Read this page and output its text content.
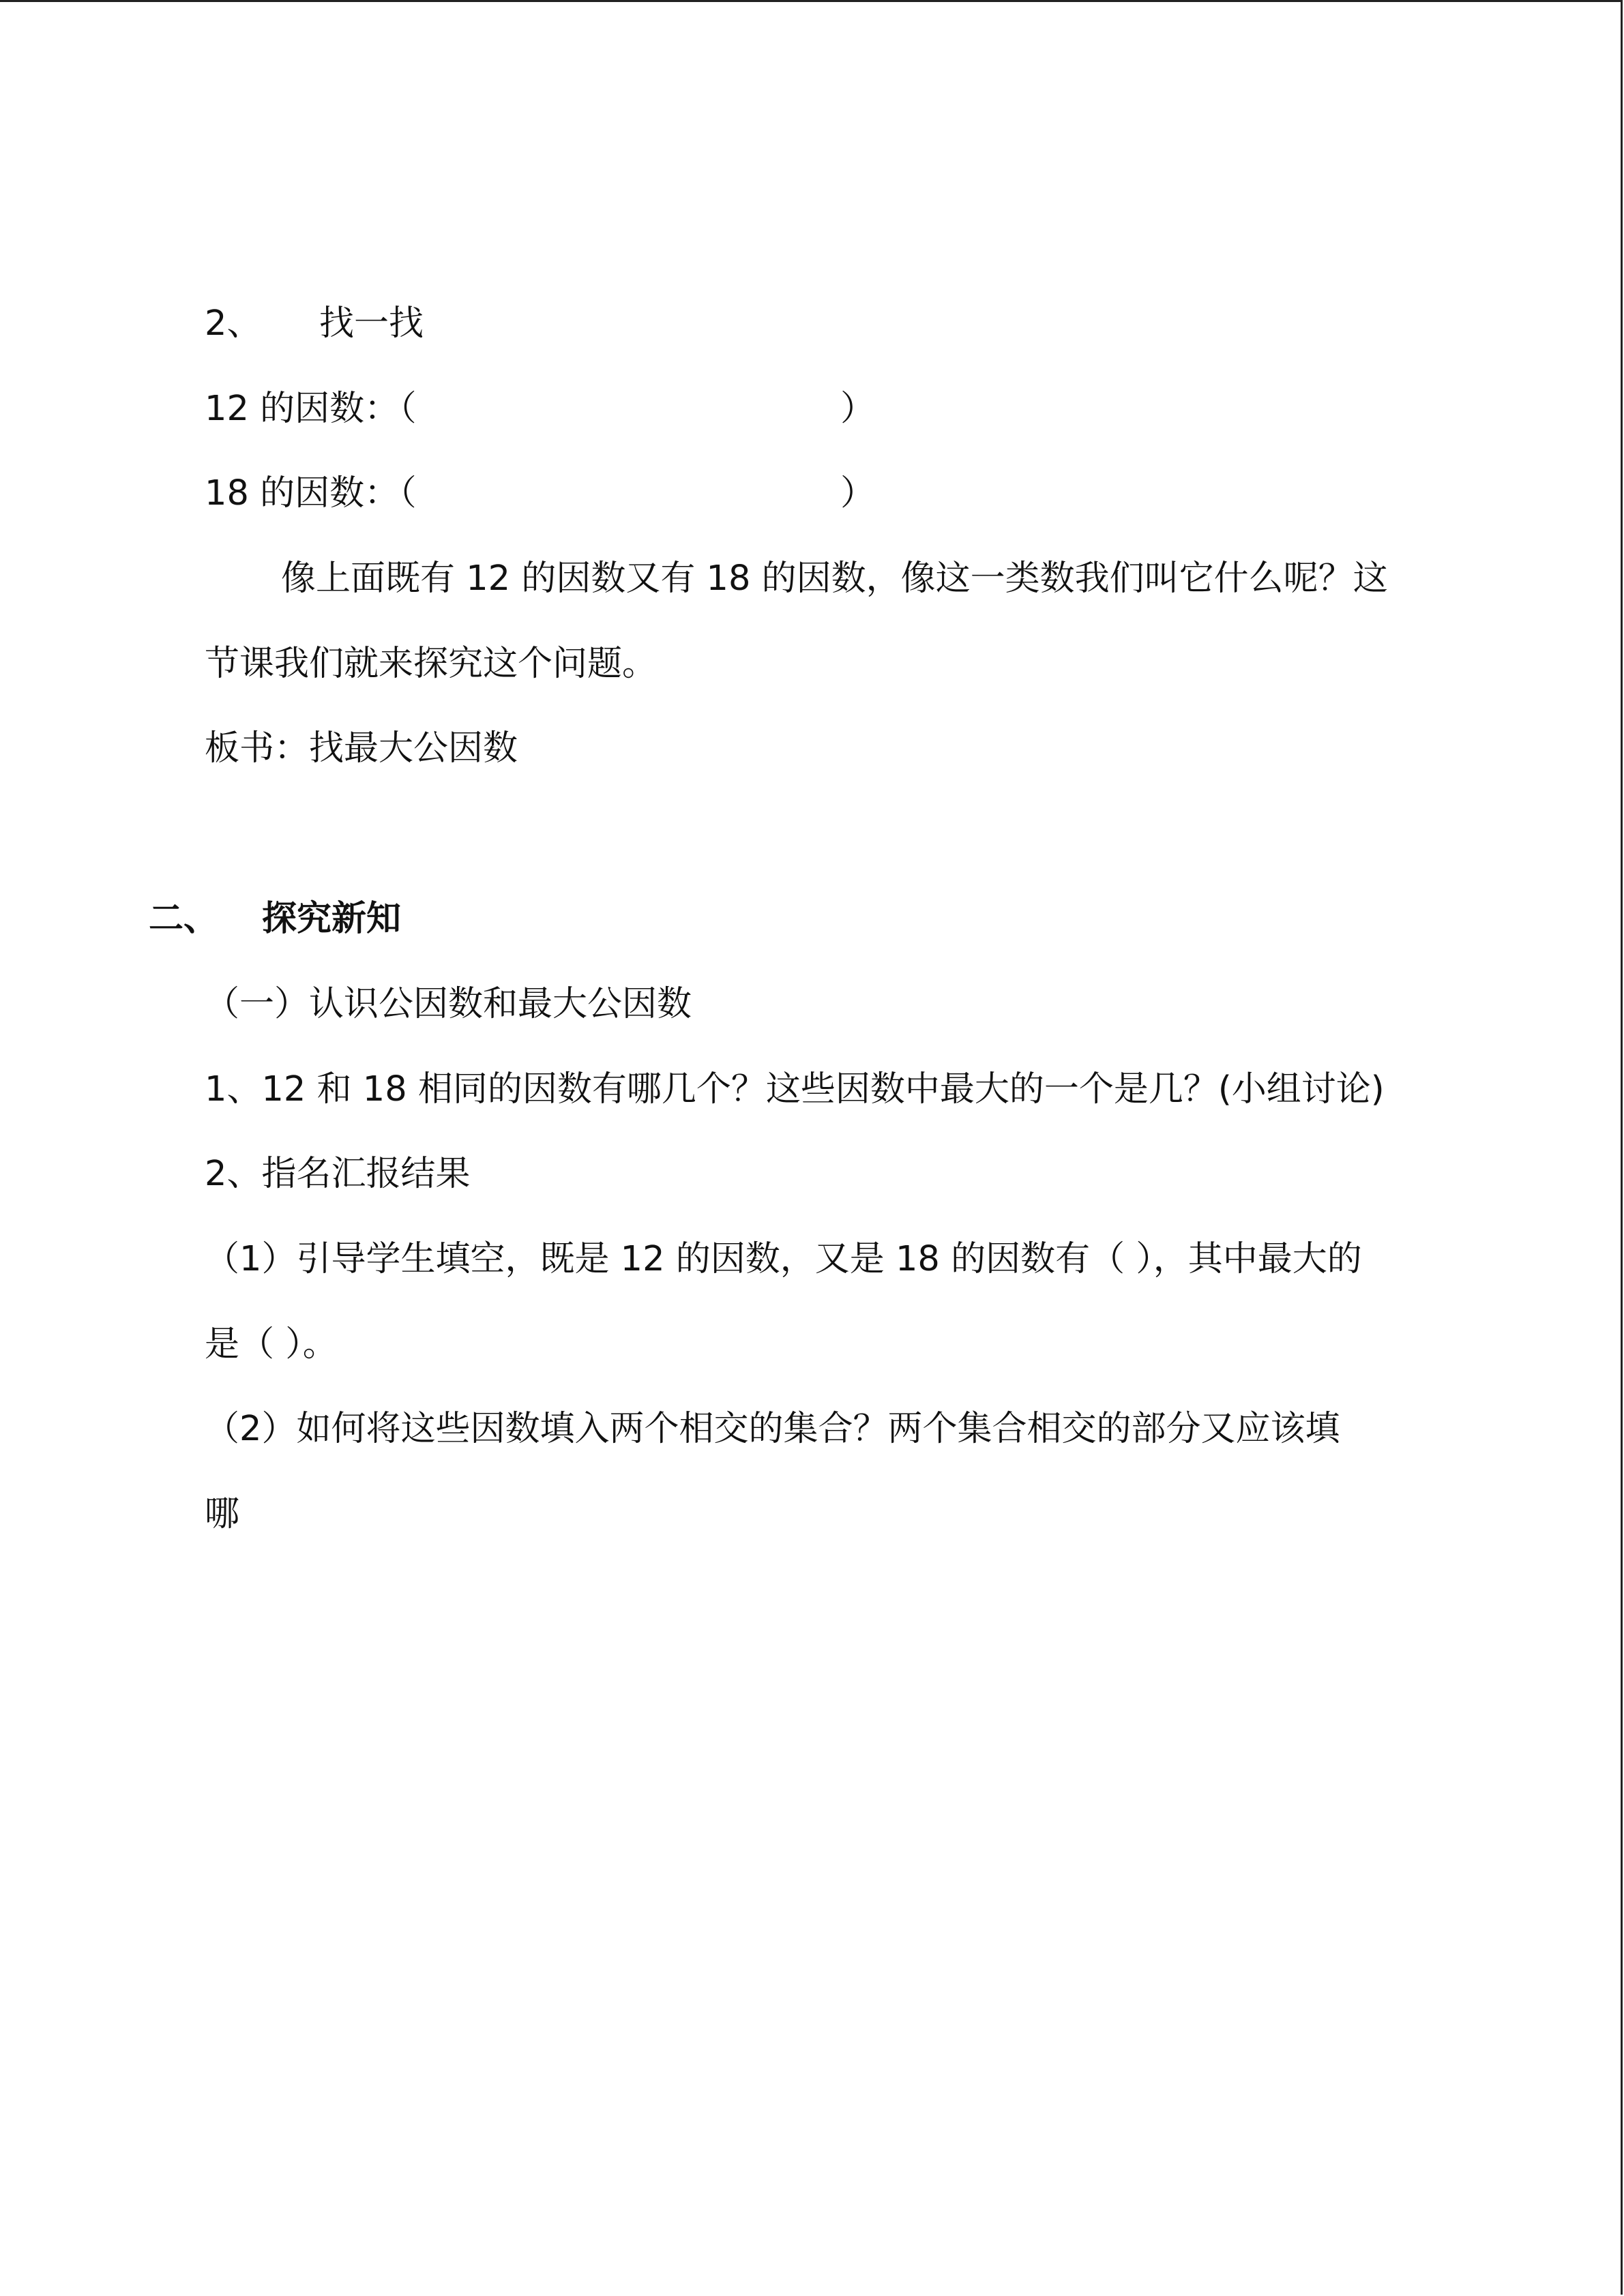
2、 找一找
12 的因数：（	）
18 的因数：（	）
像上面既有 12 的因数又有 18 的因数，像这一类数我们叫它什么呢？这
节课我们就来探究这个问题。
板书：找最大公因数
二、 探究新知
（一）认识公因数和最大公因数
1、12 和 18 相同的因数有哪几个？这些因数中最大的一个是几？(小组讨论)
2、指名汇报结果
（1）引导学生填空，既是 12 的因数，又是 18 的因数有（ ），其中最大的
是（ ）。
（2）如何将这些因数填入两个相交的集合？两个集合相交的部分又应该填
哪
